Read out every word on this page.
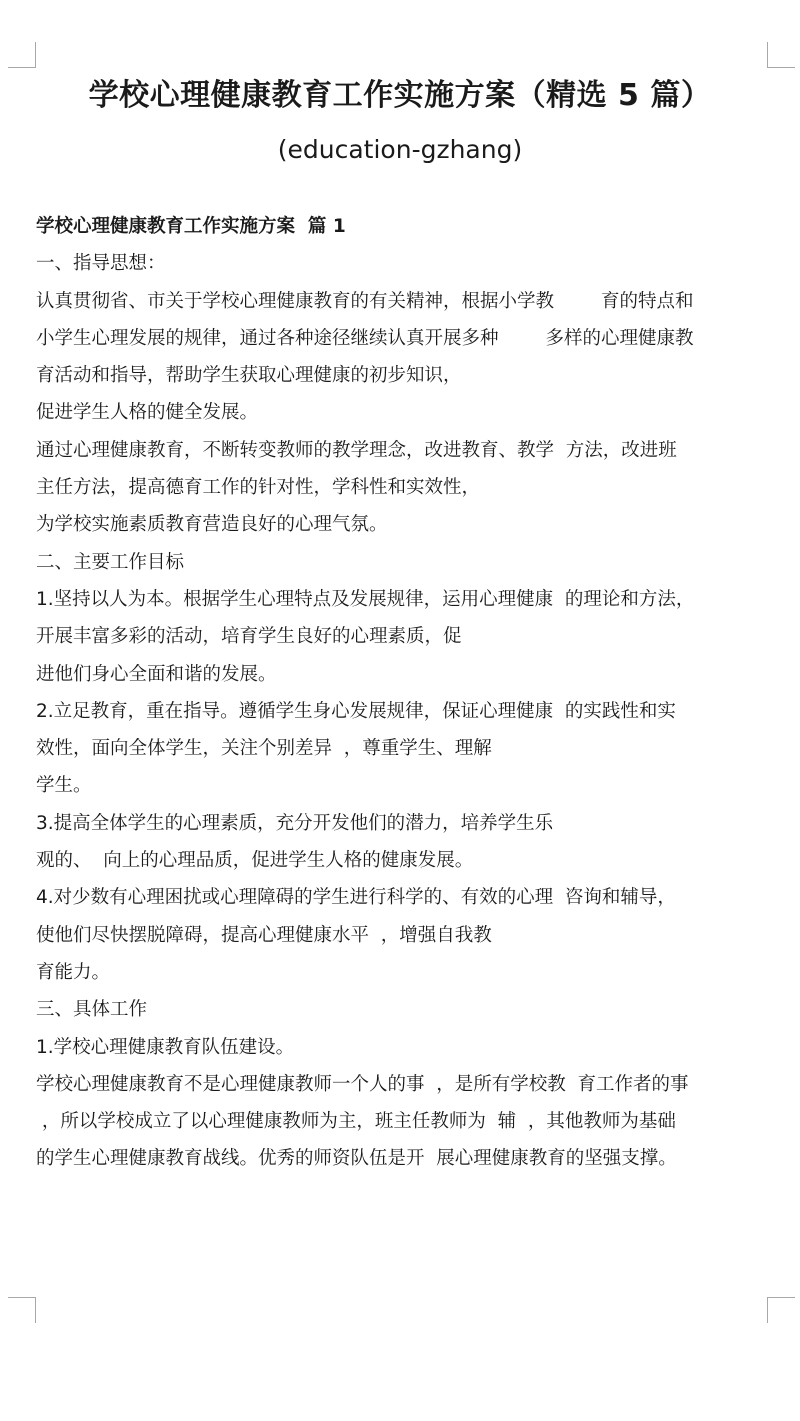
学校心理健康教育工作实施方案（精选 5 篇）

(education-gzhang)

学校心理健康教育工作实施方案  篇 1
一、指导思想：
认真贯彻省、市关于学校心理健康教育的有关精神，根据小学教        育的特点和
小学生心理发展的规律，通过各种途径继续认真开展多种        多样的心理健康教
育活动和指导，帮助学生获取心理健康的初步知识，
促进学生人格的健全发展。
通过心理健康教育，不断转变教师的教学理念，改进教育、教学  方法，改进班
主任方法，提高德育工作的针对性，学科性和实效性，
为学校实施素质教育营造良好的心理气氛。
二、主要工作目标
1.坚持以人为本。根据学生心理特点及发展规律，运用心理健康  的理论和方法，
开展丰富多彩的活动，培育学生良好的心理素质，促
进他们身心全面和谐的发展。
2.立足教育，重在指导。遵循学生身心发展规律，保证心理健康  的实践性和实
效性，面向全体学生，关注个别差异  ，尊重学生、理解
学生。
3.提高全体学生的心理素质，充分开发他们的潜力，培养学生乐
观的、  向上的心理品质，促进学生人格的健康发展。
4.对少数有心理困扰或心理障碍的学生进行科学的、有效的心理  咨询和辅导，
使他们尽快摆脱障碍，提高心理健康水平  ，增强自我教
育能力。
三、具体工作
1.学校心理健康教育队伍建设。
学校心理健康教育不是心理健康教师一个人的事  ，是所有学校教  育工作者的事
，所以学校成立了以心理健康教师为主，班主任教师为  辅  ，其他教师为基础
的学生心理健康教育战线。优秀的师资队伍是开  展心理健康教育的坚强支撑。
